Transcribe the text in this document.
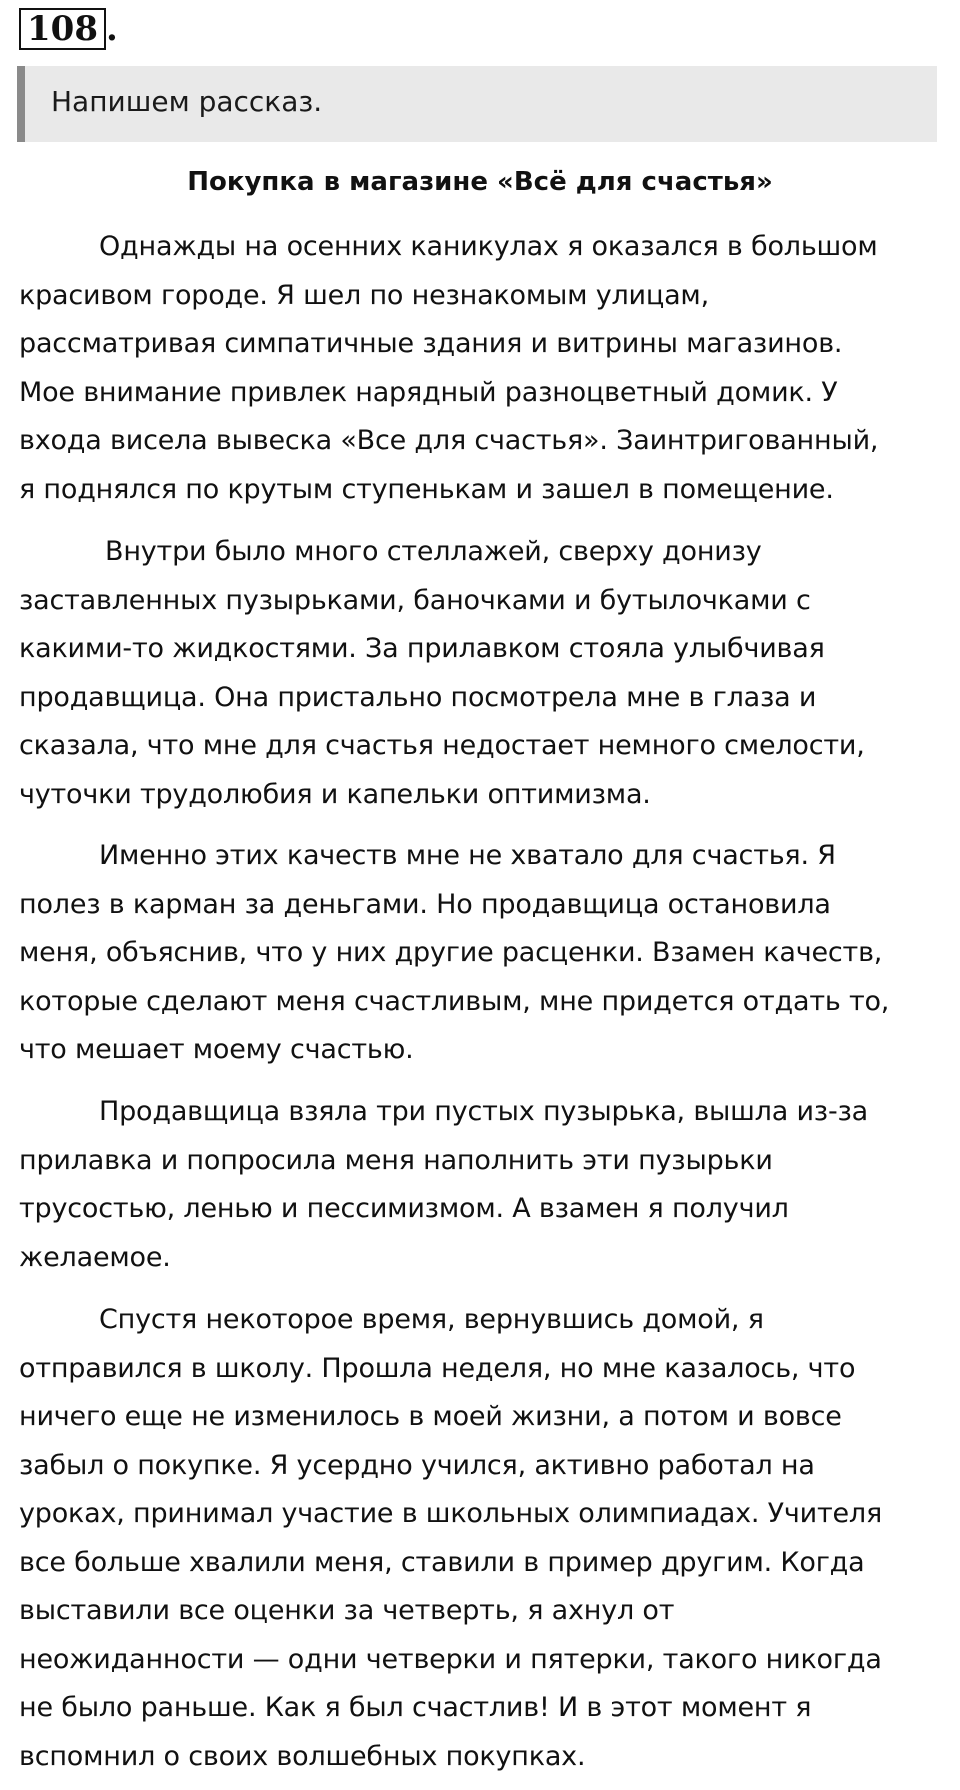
108 .
Напишем рассказ.
Покупка в магазине «Всё для счастья»
Однажды на осенних каникулах я оказался в большом
красивом городе. Я шел по незнакомым улицам,
рассматривая симпатичные здания и витрины магазинов.
Мое внимание привлек нарядный разноцветный домик. У
входа висела вывеска «Все для счастья». Заинтригованный,
я поднялся по крутым ступенькам и зашел в помещение.
Внутри было много стеллажей, сверху донизу
заставленных пузырьками, баночками и бутылочками с
какими-то жидкостями. За прилавком стояла улыбчивая
продавщица. Она пристально посмотрела мне в глаза и
сказала, что мне для счастья недостает немного смелости,
чуточки трудолюбия и капельки оптимизма.
Именно этих качеств мне не хватало для счастья. Я
полез в карман за деньгами. Но продавщица остановила
меня, объяснив, что у них другие расценки. Взамен качеств,
которые сделают меня счастливым, мне придется отдать то,
что мешает моему счастью.
Продавщица взяла три пустых пузырька, вышла из-за
прилавка и попросила меня наполнить эти пузырьки
трусостью, ленью и пессимизмом. А взамен я получил
желаемое.
Спустя некоторое время, вернувшись домой, я
отправился в школу. Прошла неделя, но мне казалось, что
ничего еще не изменилось в моей жизни, а потом и вовсе
забыл о покупке. Я усердно учился, активно работал на
уроках, принимал участие в школьных олимпиадах. Учителя
все больше хвалили меня, ставили в пример другим. Когда
выставили все оценки за четверть, я ахнул от
неожиданности — одни четверки и пятерки, такого никогда
не было раньше. Как я был счастлив! И в этот момент я
вспомнил о своих волшебных покупках.
